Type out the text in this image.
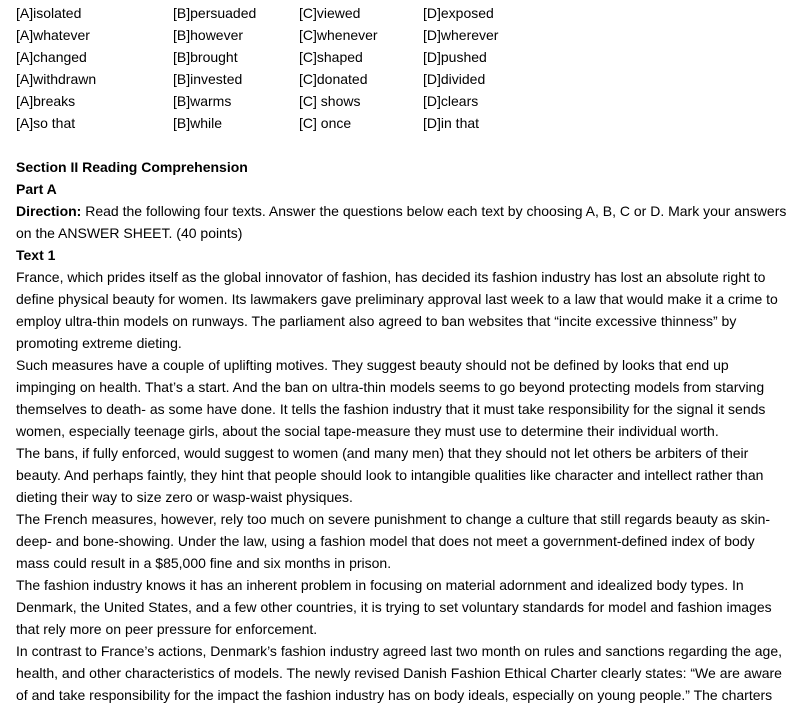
[A]isolated	[B]persuaded	[C]viewed	[D]exposed
[A]whatever	[B]however	[C]whenever	[D]wherever
[A]changed	[B]brought	[C]shaped	[D]pushed
[A]withdrawn	[B]invested	[C]donated	[D]divided
[A]breaks	[B]warms	[C] shows	[D]clears
[A]so that	[B]while	[C] once	[D]in that
Section II Reading Comprehension
Part A
Direction: Read the following four texts. Answer the questions below each text by choosing A, B, C or D. Mark your answers
on the ANSWER SHEET. (40 points)
Text 1
France, which prides itself as the global innovator of fashion, has decided its fashion industry has lost an absolute right to
define physical beauty for women. Its lawmakers gave preliminary approval last week to a law that would make it a crime to
employ ultra-thin models on runways. The parliament also agreed to ban websites that “incite excessive thinness” by
promoting extreme dieting.
Such measures have a couple of uplifting motives. They suggest beauty should not be defined by looks that end up
impinging on health. That’s a start. And the ban on ultra-thin models seems to go beyond protecting models from starving
themselves to death- as some have done. It tells the fashion industry that it must take responsibility for the signal it sends
women, especially teenage girls, about the social tape-measure they must use to determine their individual worth.
The bans, if fully enforced, would suggest to women (and many men) that they should not let others be arbiters of their
beauty. And perhaps faintly, they hint that people should look to intangible qualities like character and intellect rather than
dieting their way to size zero or wasp-waist physiques.
The French measures, however, rely too much on severe punishment to change a culture that still regards beauty as skin-
deep- and bone-showing. Under the law, using a fashion model that does not meet a government-defined index of body
mass could result in a $85,000 fine and six months in prison.
The fashion industry knows it has an inherent problem in focusing on material adornment and idealized body types. In
Denmark, the United States, and a few other countries, it is trying to set voluntary standards for model and fashion images
that rely more on peer pressure for enforcement.
In contrast to France’s actions, Denmark’s fashion industry agreed last two month on rules and sanctions regarding the age,
health, and other characteristics of models. The newly revised Danish Fashion Ethical Charter clearly states: “We are aware
of and take responsibility for the impact the fashion industry has on body ideals, especially on young people.” The charters
